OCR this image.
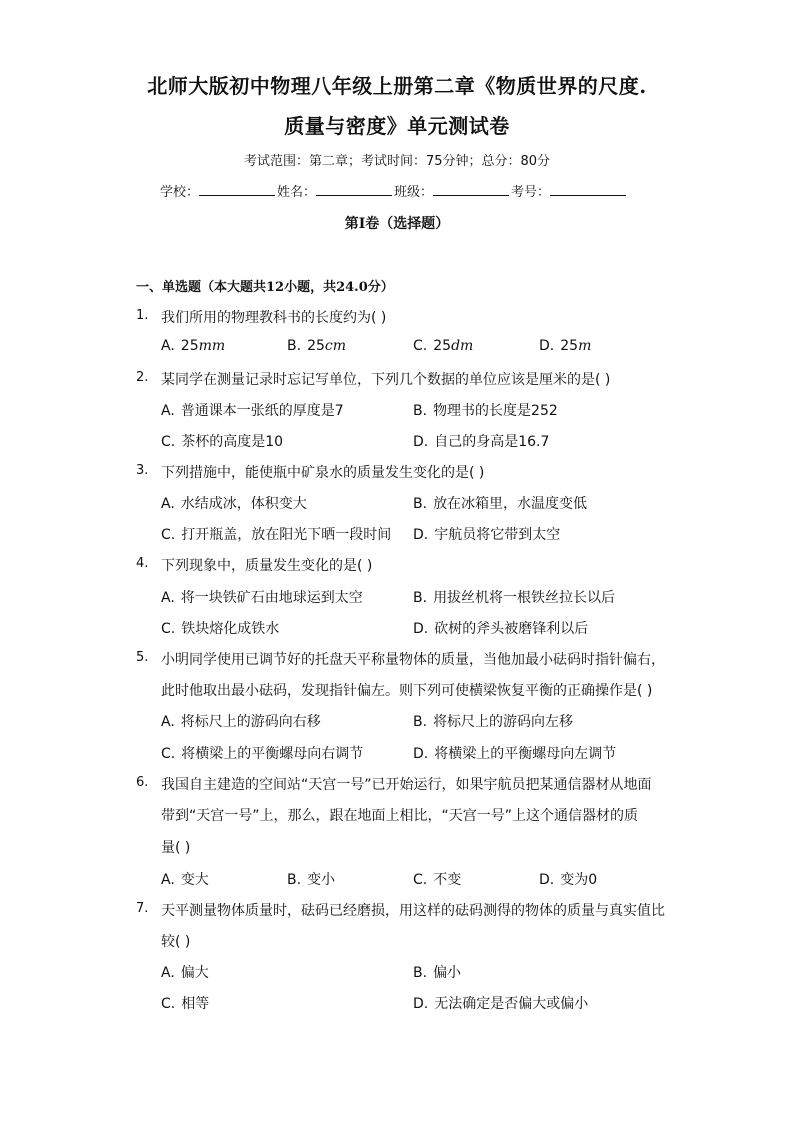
北师大版初中物理八年级上册第二章《物质世界的尺度.
质量与密度》单元测试卷
考试范围：第二章；考试时间：75分钟；总分：80分
学校：	姓名：	班级：	考号：
第I卷（选择题）
一、单选题（本大题共12小题，共24.0分）
1. 我们所用的物理教科书的长度约为( )
A. 25mm	B. 25cm	C. 25dm	D. 25m
2. 某同学在测量记录时忘记写单位，下列几个数据的单位应该是厘米的是( )
A. 普通课本一张纸的厚度是7	B. 物理书的长度是252
C. 茶杯的高度是10	D. 自己的身高是16.7
3. 下列措施中，能使瓶中矿泉水的质量发生变化的是( )
A. 水结成冰，体积变大	B. 放在冰箱里，水温度变低
C. 打开瓶盖，放在阳光下晒一段时间 D. 宇航员将它带到太空
4. 下列现象中，质量发生变化的是( )
A. 将一块铁矿石由地球运到太空	B. 用拔丝机将一根铁丝拉长以后
C. 铁块熔化成铁水	D. 砍树的斧头被磨锋利以后
5. 小明同学使用已调节好的托盘天平称量物体的质量，当他加最小砝码时指针偏右，
此时他取出最小砝码，发现指针偏左。则下列可使横梁恢复平衡的正确操作是( )
A. 将标尺上的游码向右移	B. 将标尺上的游码向左移
C. 将横梁上的平衡螺母向右调节	D. 将横梁上的平衡螺母向左调节
6. 我国自主建造的空间站“天宫一号”已开始运行，如果宇航员把某通信器材从地面
带到“天宫一号”上，那么，跟在地面上相比，“天宫一号”上这个通信器材的质
量( )
A. 变大	B. 变小	C. 不变	D. 变为0
7. 天平测量物体质量时，砝码已经磨损，用这样的砝码测得的物体的质量与真实值比
较( )
A. 偏大	B. 偏小
C. 相等	D. 无法确定是否偏大或偏小
